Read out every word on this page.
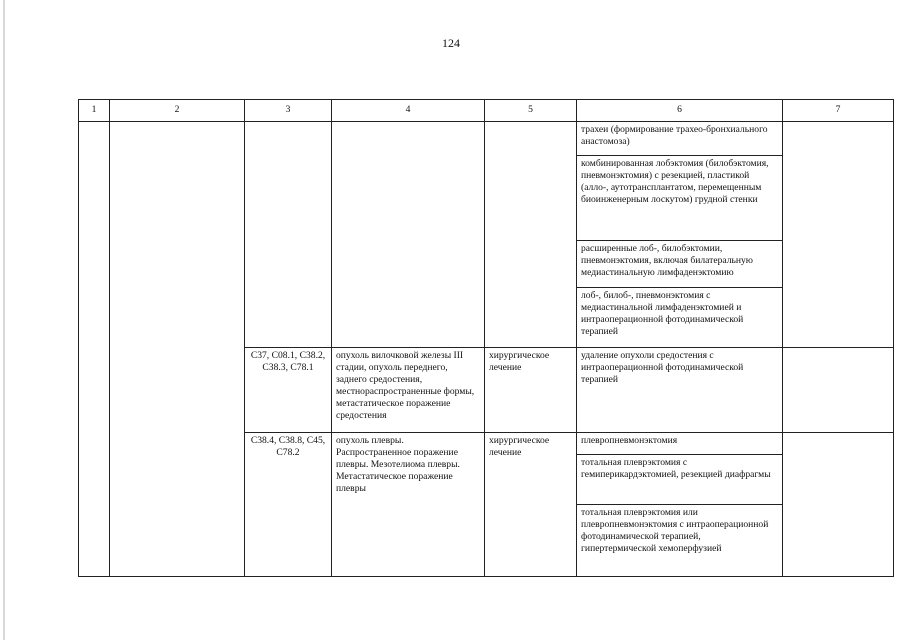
124
1	2	3	4	5	6	7
					трахеи (формирование трахео-бронхиального анастомоза)	
					комбинированная лобэктомия (билобэктомия, пневмонэктомия) с резекцией, пластикой (алло-, аутотрансплантатом, перемещенным биоинженерным лоскутом) грудной стенки	
					расширенные лоб-, билобэктомии, пневмонэктомия, включая билатеральную медиастинальную лимфаденэктомию	
					лоб-, билоб-, пневмонэктомия с медиастинальной лимфаденэктомией и интраоперационной фотодинамической терапией	
		C37, C08.1, C38.2, C38.3, C78.1	опухоль вилочковой железы III стадии, опухоль переднего, заднего средостения, местнораспространенные формы, метастатическое поражение средостения	хирургическое лечение	удаление опухоли средостения с интраоперационной фотодинамической терапией	
		C38.4, C38.8, C45, C78.2	опухоль плевры. Распространенное поражение плевры. Мезотелиома плевры. Метастатическое поражение плевры	хирургическое лечение	плевропневмонэктомия	
					тотальная плеврэктомия с гемиперикардэктомией, резекцией диафрагмы	
					тотальная плеврэктомия или плевропневмонэктомия с интраоперационной фотодинамической терапией, гипертермической хемоперфузией	
